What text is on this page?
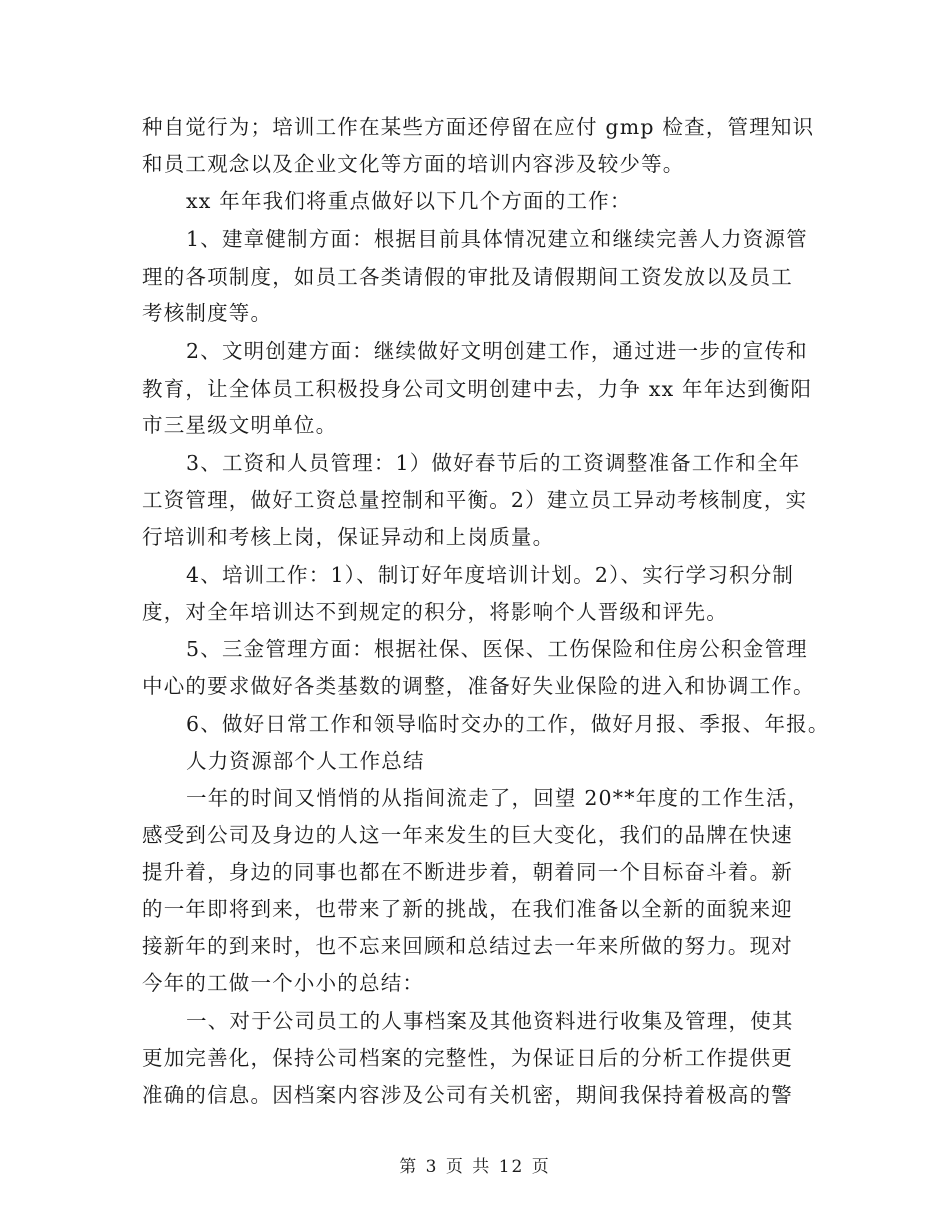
种自觉行为；培训工作在某些方面还停留在应付 gmp 检查，管理知识
和员工观念以及企业文化等方面的培训内容涉及较少等。
xx 年年我们将重点做好以下几个方面的工作：
1、建章健制方面：根据目前具体情况建立和继续完善人力资源管
理的各项制度，如员工各类请假的审批及请假期间工资发放以及员工
考核制度等。
2、文明创建方面：继续做好文明创建工作，通过进一步的宣传和
教育，让全体员工积极投身公司文明创建中去，力争 xx 年年达到衡阳
市三星级文明单位。
3、工资和人员管理：1）做好春节后的工资调整准备工作和全年
工资管理，做好工资总量控制和平衡。2）建立员工异动考核制度，实
行培训和考核上岗，保证异动和上岗质量。
4、培训工作：1）、制订好年度培训计划。2）、实行学习积分制
度，对全年培训达不到规定的积分，将影响个人晋级和评先。
5、三金管理方面：根据社保、医保、工伤保险和住房公积金管理
中心的要求做好各类基数的调整，准备好失业保险的进入和协调工作。
6、做好日常工作和领导临时交办的工作，做好月报、季报、年报。
人力资源部个人工作总结
一年的时间又悄悄的从指间流走了，回望 20**年度的工作生活，
感受到公司及身边的人这一年来发生的巨大变化，我们的品牌在快速
提升着，身边的同事也都在不断进步着，朝着同一个目标奋斗着。新
的一年即将到来，也带来了新的挑战，在我们准备以全新的面貌来迎
接新年的到来时，也不忘来回顾和总结过去一年来所做的努力。现对
今年的工做一个小小的总结：
一、对于公司员工的人事档案及其他资料进行收集及管理，使其
更加完善化，保持公司档案的完整性，为保证日后的分析工作提供更
准确的信息。因档案内容涉及公司有关机密，期间我保持着极高的警
第 3 页 共 12 页
